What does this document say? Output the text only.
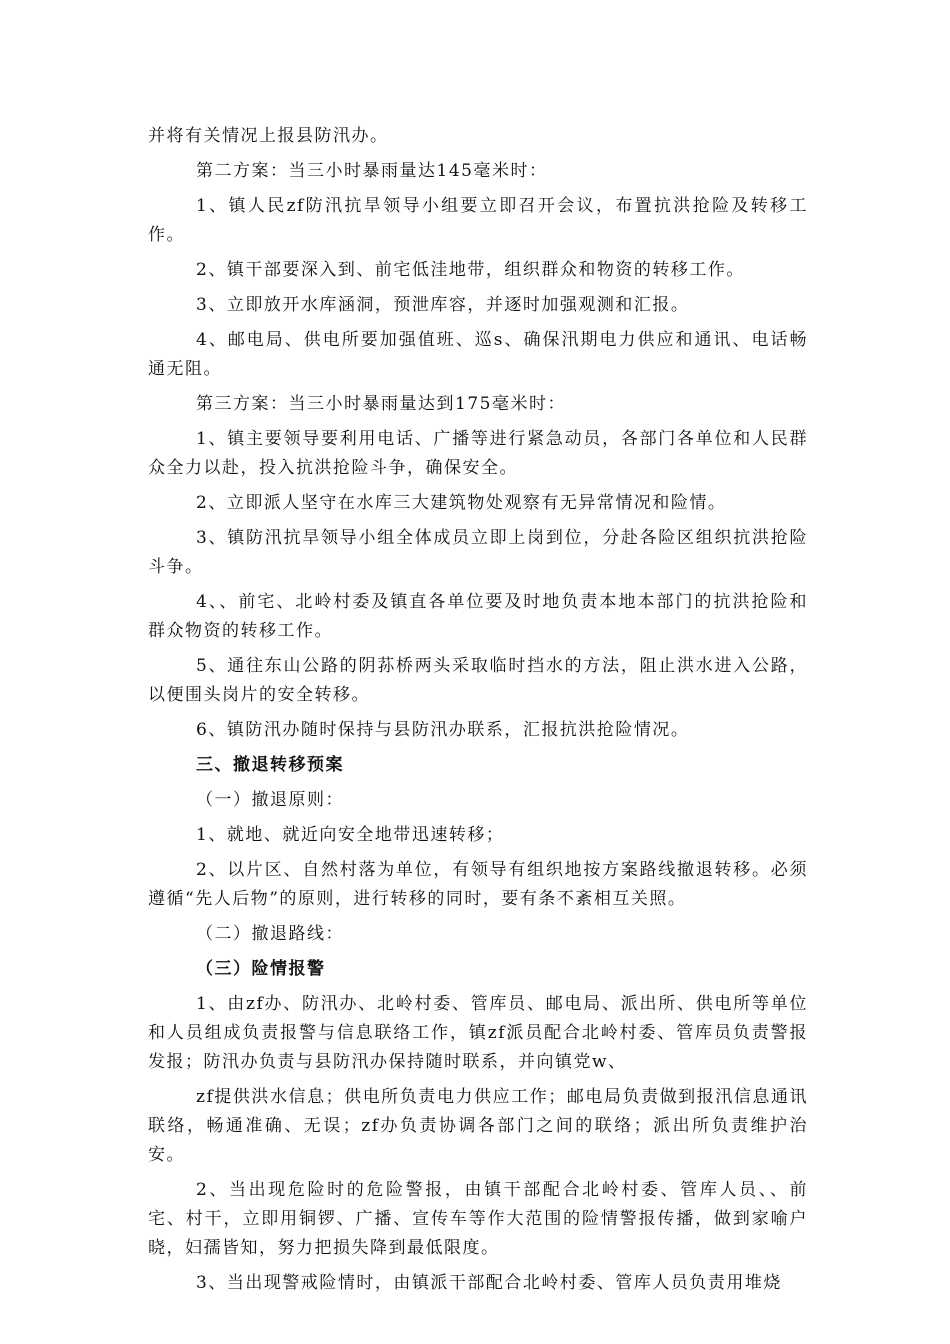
并将有关情况上报县防汛办。

第二方案：当三小时暴雨量达145毫米时：

1、镇人民zf防汛抗旱领导小组要立即召开会议，布置抗洪抢险及转移工作。

2、镇干部要深入到、前宅低洼地带，组织群众和物资的转移工作。

3、立即放开水库涵洞，预泄库容，并逐时加强观测和汇报。

4、邮电局、供电所要加强值班、巡s、确保汛期电力供应和通讯、电话畅通无阻。

第三方案：当三小时暴雨量达到175毫米时：

1、镇主要领导要利用电话、广播等进行紧急动员，各部门各单位和人民群众全力以赴，投入抗洪抢险斗争，确保安全。

2、立即派人坚守在水库三大建筑物处观察有无异常情况和险情。

3、镇防汛抗旱领导小组全体成员立即上岗到位，分赴各险区组织抗洪抢险斗争。

4、、前宅、北岭村委及镇直各单位要及时地负责本地本部门的抗洪抢险和群众物资的转移工作。

5、通往东山公路的阴荪桥两头采取临时挡水的方法，阻止洪水进入公路，以便围头岗片的安全转移。

6、镇防汛办随时保持与县防汛办联系，汇报抗洪抢险情况。

三、撤退转移预案

（一）撤退原则：

1、就地、就近向安全地带迅速转移；

2、以片区、自然村落为单位，有领导有组织地按方案路线撤退转移。必须遵循“先人后物”的原则，进行转移的同时，要有条不紊相互关照。

（二）撤退路线：

（三）险情报警

1、由zf办、防汛办、北岭村委、管库员、邮电局、派出所、供电所等单位和人员组成负责报警与信息联络工作，镇zf派员配合北岭村委、管库员负责警报发报；防汛办负责与县防汛办保持随时联系，并向镇党w、

zf提供洪水信息；供电所负责电力供应工作；邮电局负责做到报汛信息通讯联络，畅通准确、无误；zf办负责协调各部门之间的联络；派出所负责维护治安。

2、当出现危险时的危险警报，由镇干部配合北岭村委、管库人员、、前宅、村干，立即用铜锣、广播、宣传车等作大范围的险情警报传播，做到家喻户晓，妇孺皆知，努力把损失降到最低限度。

3、当出现警戒险情时，由镇派干部配合北岭村委、管库人员负责用堆烧
